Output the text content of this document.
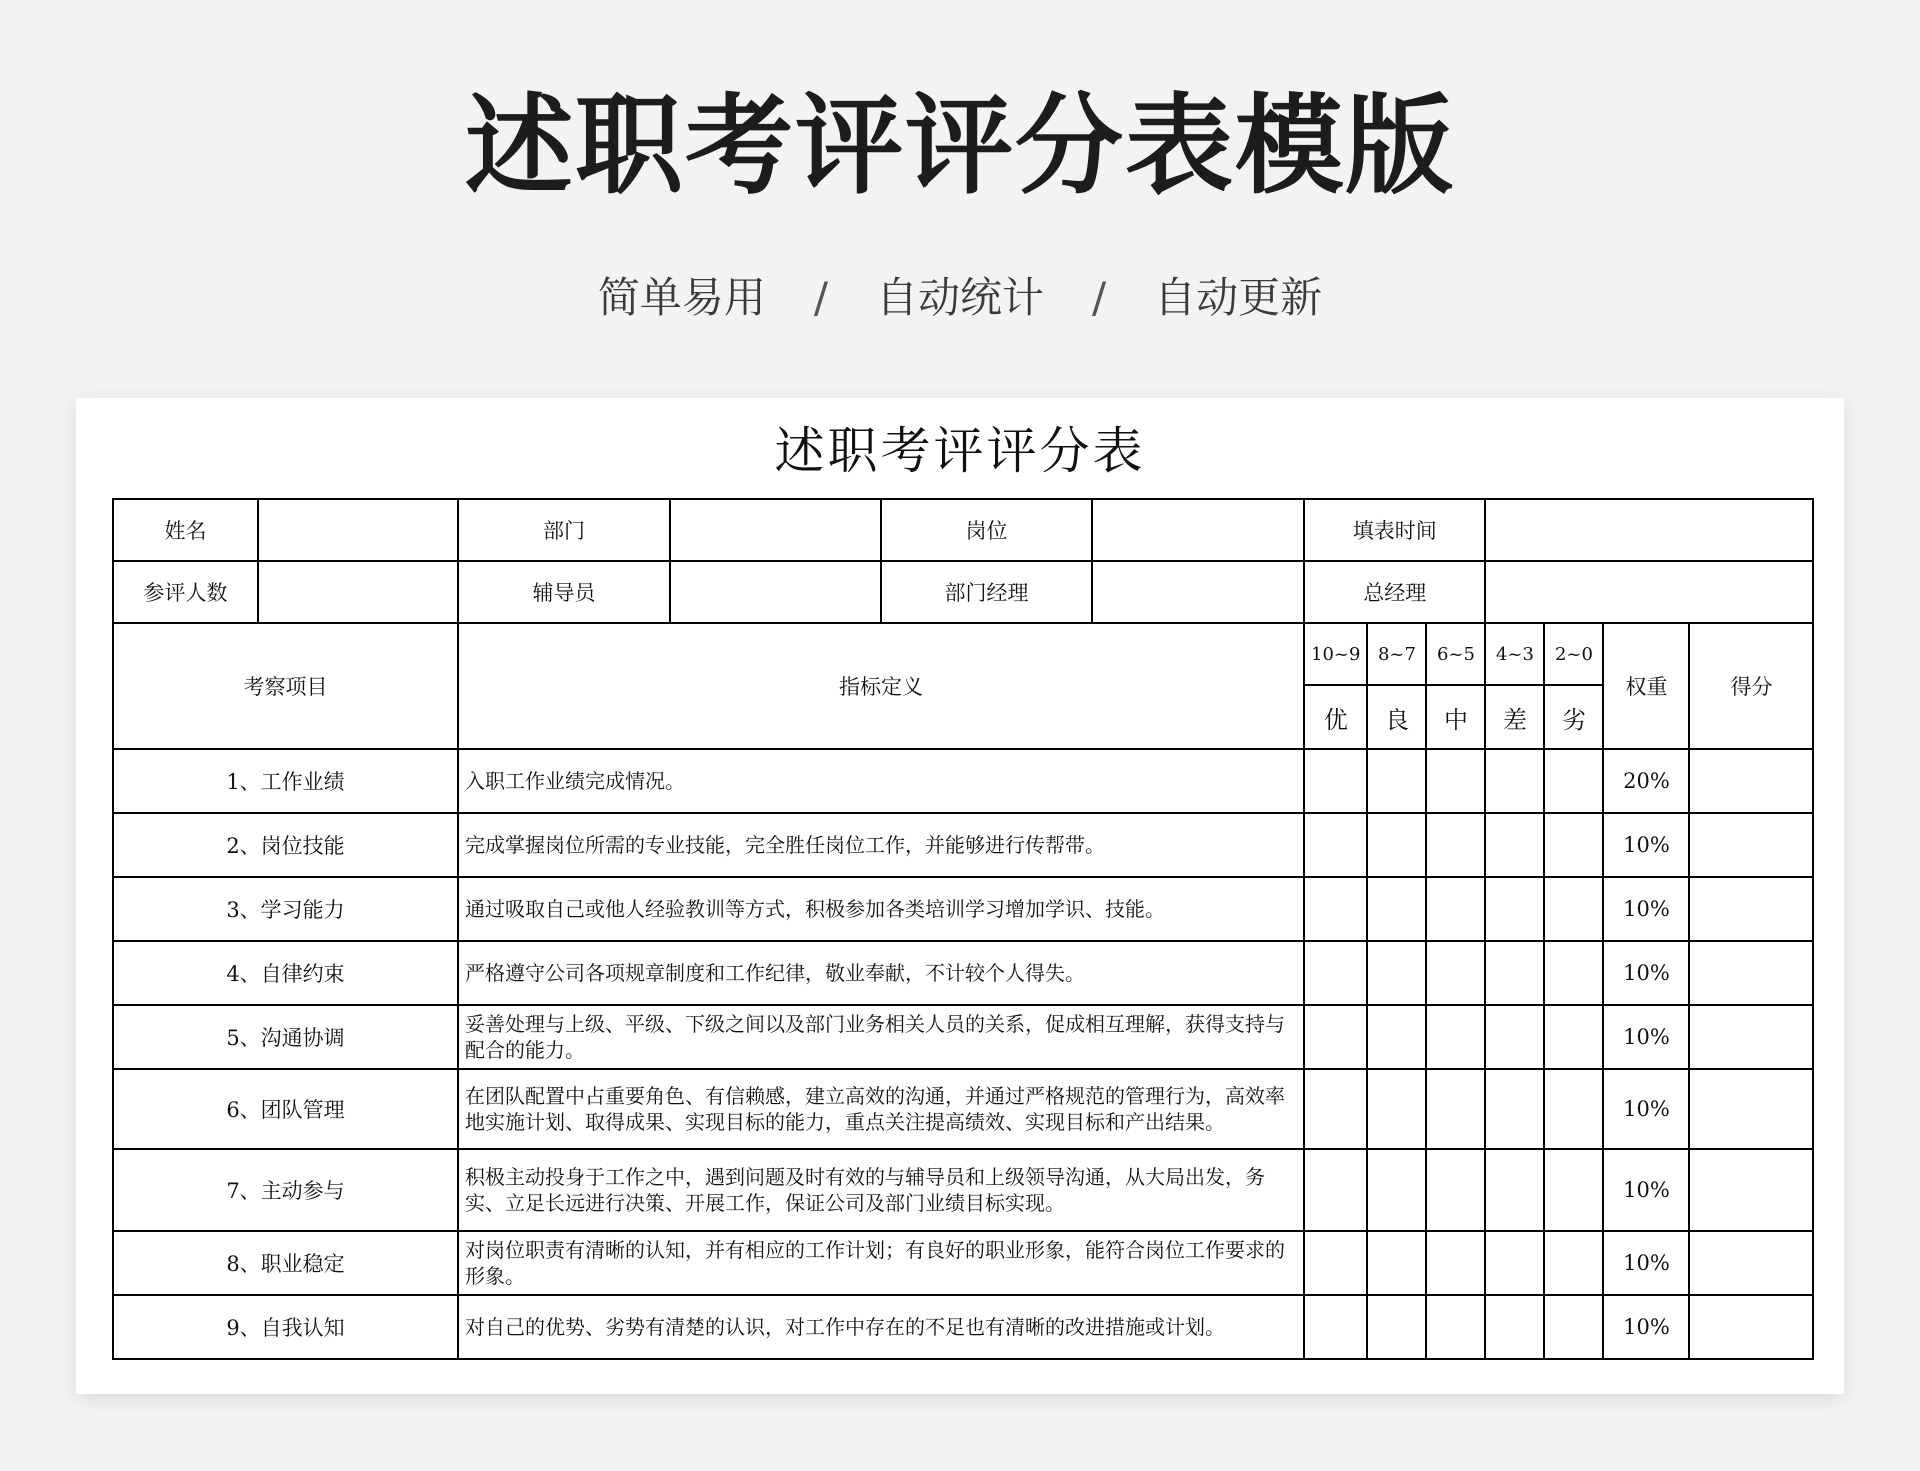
述职考评评分表模版
简单易用 / 自动统计 / 自动更新
述职考评评分表
姓名		部门		岗位		填表时间						
参评人数		辅导员		部门经理		总经理						
考察项目		指标定义				10~9	8~7	6~5	4~3	2~0	权重	得分
						优	良	中	差	劣		
1、工作业绩		入职工作业绩完成情况。									20%	
2、岗位技能		完成掌握岗位所需的专业技能，完全胜任岗位工作，并能够进行传帮带。									10%	
3、学习能力		通过吸取自己或他人经验教训等方式，积极参加各类培训学习增加学识、技能。									10%	
4、自律约束		严格遵守公司各项规章制度和工作纪律，敬业奉献，不计较个人得失。									10%	
5、沟通协调		妥善处理与上级、平级、下级之间以及部门业务相关人员的关系，促成相互理解，获得支持与配合的能力。									10%	
6、团队管理		在团队配置中占重要角色、有信赖感，建立高效的沟通，并通过严格规范的管理行为，高效率地实施计划、取得成果、实现目标的能力，重点关注提高绩效、实现目标和产出结果。									10%	
7、主动参与		积极主动投身于工作之中，遇到问题及时有效的与辅导员和上级领导沟通，从大局出发，务实、立足长远进行决策、开展工作，保证公司及部门业绩目标实现。									10%	
8、职业稳定		对岗位职责有清晰的认知，并有相应的工作计划；有良好的职业形象，能符合岗位工作要求的形象。									10%	
9、自我认知		对自己的优势、劣势有清楚的认识，对工作中存在的不足也有清晰的改进措施或计划。									10%	
